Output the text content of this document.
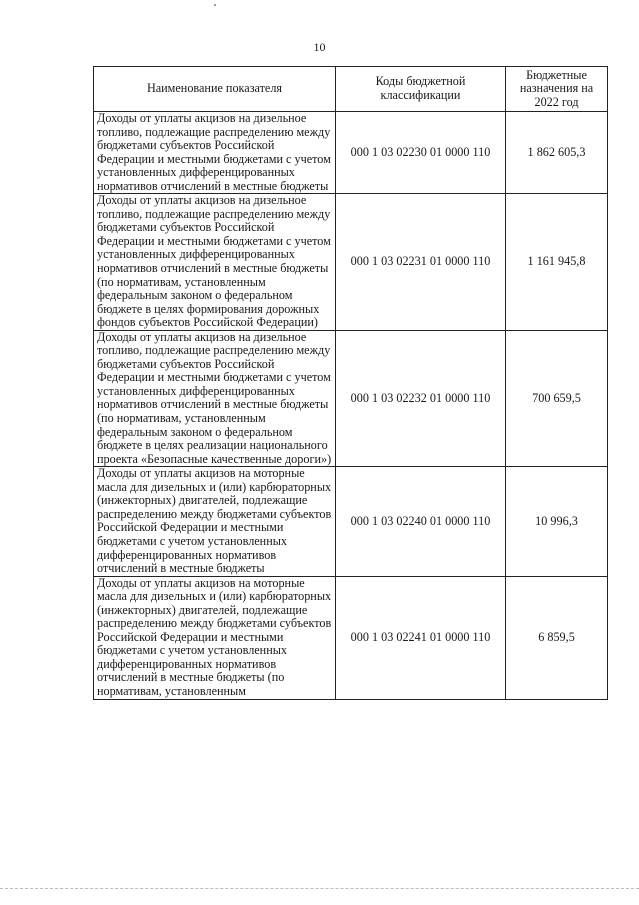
10
Наименование показателя	Коды бюджетной классификации	Бюджетные назначения на 2022 год
Доходы от уплаты акцизов на дизельное топливо, подлежащие распределению между бюджетами субъектов Российской Федерации и местными бюджетами с учетом установленных дифференцированных нормативов отчислений в местные бюджеты	000 1 03 02230 01 0000 110	1 862 605,3
Доходы от уплаты акцизов на дизельное топливо, подлежащие распределению между бюджетами субъектов Российской Федерации и местными бюджетами с учетом установленных дифференцированных нормативов отчислений в местные бюджеты (по нормативам, установленным федеральным законом о федеральном бюджете в целях формирования дорожных фондов субъектов Российской Федерации)	000 1 03 02231 01 0000 110	1 161 945,8
Доходы от уплаты акцизов на дизельное топливо, подлежащие распределению между бюджетами субъектов Российской Федерации и местными бюджетами с учетом установленных дифференцированных нормативов отчислений в местные бюджеты (по нормативам, установленным федеральным законом о федеральном бюджете в целях реализации национального проекта «Безопасные качественные дороги»)	000 1 03 02232 01 0000 110	700 659,5
Доходы от уплаты акцизов на моторные масла для дизельных и (или) карбюраторных (инжекторных) двигателей, подлежащие распределению между бюджетами субъектов Российской Федерации и местными бюджетами с учетом установленных дифференцированных нормативов отчислений в местные бюджеты	000 1 03 02240 01 0000 110	10 996,3
Доходы от уплаты акцизов на моторные масла для дизельных и (или) карбюраторных (инжекторных) двигателей, подлежащие распределению между бюджетами субъектов Российской Федерации и местными бюджетами с учетом установленных дифференцированных нормативов отчислений в местные бюджеты (по нормативам, установленным	000 1 03 02241 01 0000 110	6 859,5
